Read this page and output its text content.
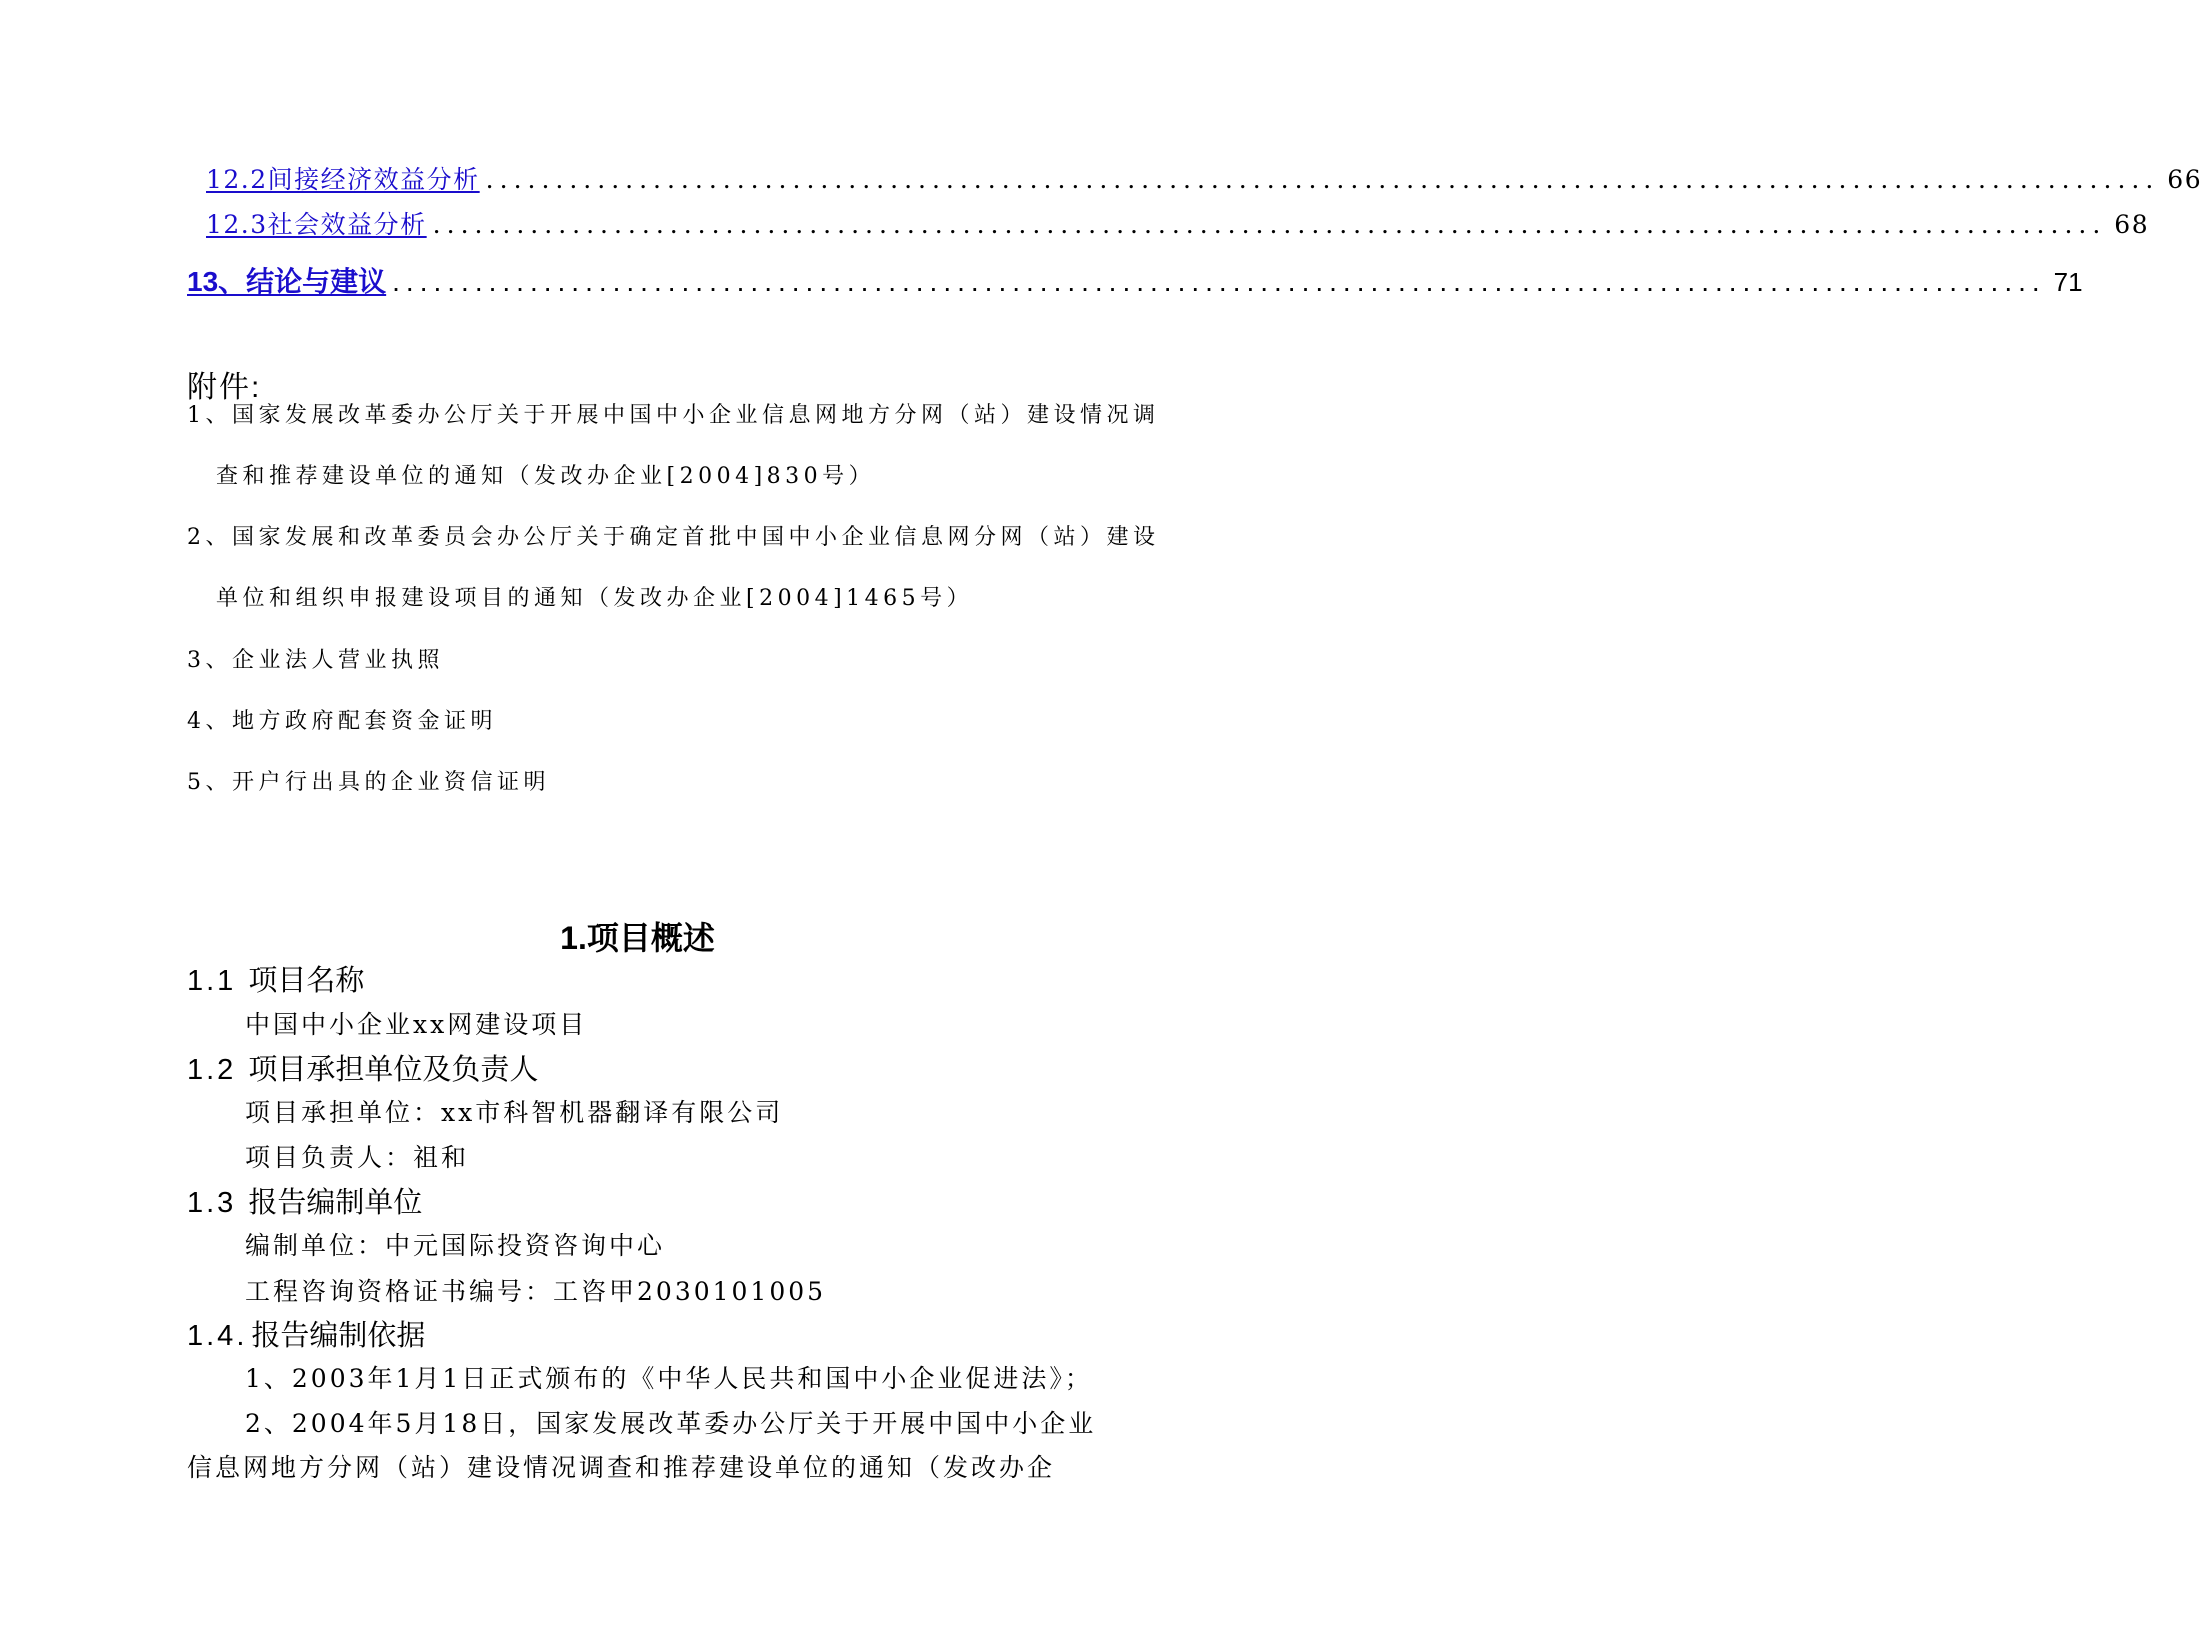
12.2间接经济效益分析 ........................................................................................................................ 66
12.3社会效益分析 ........................................................................................................................ 68
13、结论与建议 ........................................................................................................................ 71
附件:
1、国家发展改革委办公厅关于开展中国中小企业信息网地方分网（站）建设情况调
查和推荐建设单位的通知（发改办企业[2004]830号）
2、国家发展和改革委员会办公厅关于确定首批中国中小企业信息网分网（站）建设
单位和组织申报建设项目的通知（发改办企业[2004]1465号）
3、企业法人营业执照
4、地方政府配套资金证明
5、开户行出具的企业资信证明
1.项目概述
1.1 项目名称
中国中小企业xx网建设项目
1.2 项目承担单位及负责人
项目承担单位：xx市科智机器翻译有限公司
项目负责人：祖和
1.3 报告编制单位
编制单位：中元国际投资咨询中心
工程咨询资格证书编号：工咨甲2030101005
1.4. 报告编制依据
1、2003年1月1日正式颁布的《中华人民共和国中小企业促进法》；
2、2004年5月18日，国家发展改革委办公厅关于开展中国中小企业
信息网地方分网（站）建设情况调查和推荐建设单位的通知（发改办企
